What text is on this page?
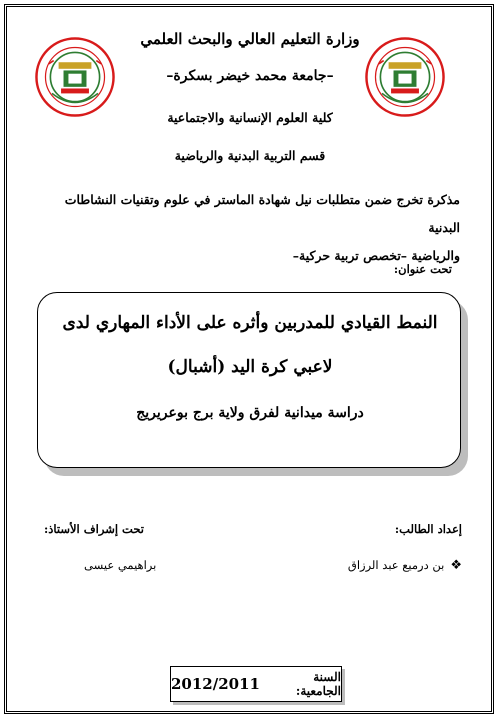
وزارة التعليم العالي والبحث العلمي
–جامعة محمد خيضر بسكرة–
كلية العلوم الإنسانية والاجتماعية
قسم التربية البدنية والرياضية
مذكرة تخرج ضمن متطلبات نيل شهادة الماستر في علوم وتقنيات النشاطات البدنية
والرياضية –تخصص تربية حركية–
تحت عنوان:
النمط القيادي للمدربين وأثره على الأداء المهاري لدى
لاعبي كرة اليد (أشبال)
دراسة ميدانية لفرق ولاية برج بوعريريج
إعداد الطالب:
تحت إشراف الأستاذ:
❖
بن درميع عبد الرزاق
براهيمي عيسى
السنة الجامعية:
2012/2011
